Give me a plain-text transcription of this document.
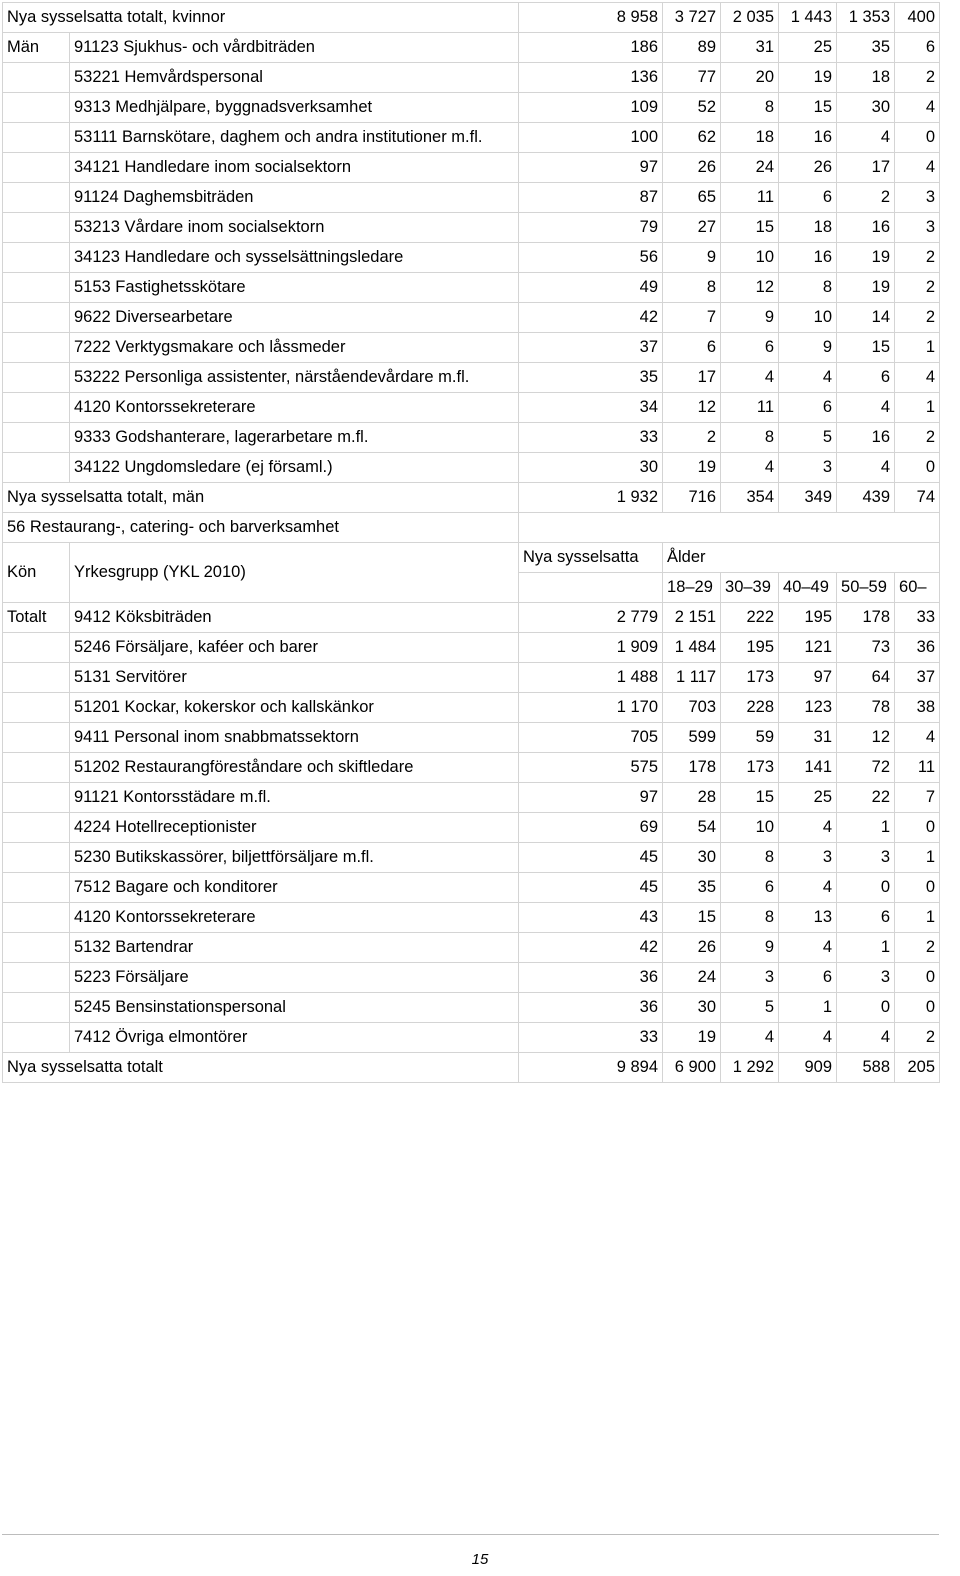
Nya sysselsatta totalt, kvinnor		8 958	3 727	2 035	1 443	1 353	400
Män	91123 Sjukhus- och vårdbiträden	186	89	31	25	35	6
	53221 Hemvårdspersonal	136	77	20	19	18	2
	9313 Medhjälpare, byggnadsverksamhet	109	52	8	15	30	4
	53111 Barnskötare, daghem och andra institutioner m.fl.	100	62	18	16	4	0
	34121 Handledare inom socialsektorn	97	26	24	26	17	4
	91124 Daghemsbiträden	87	65	11	6	2	3
	53213 Vårdare inom socialsektorn	79	27	15	18	16	3
	34123 Handledare och sysselsättningsledare	56	9	10	16	19	2
	5153 Fastighetsskötare	49	8	12	8	19	2
	9622 Diversearbetare	42	7	9	10	14	2
	7222 Verktygsmakare och låssmeder	37	6	6	9	15	1
	53222 Personliga assistenter, närståendevårdare m.fl.	35	17	4	4	6	4
	4120 Kontorssekreterare	34	12	11	6	4	1
	9333 Godshanterare, lagerarbetare m.fl.	33	2	8	5	16	2
	34122 Ungdomsledare (ej församl.)	30	19	4	3	4	0
Nya sysselsatta totalt, män		1 932	716	354	349	439	74
56 Restaurang-, catering- och barverksamhet							
Kön	Yrkesgrupp (YKL 2010)	Nya sysselsatta	Ålder				
			18–29	30–39	40–49	50–59	60–
Totalt	9412 Köksbiträden	2 779	2 151	222	195	178	33
	5246 Försäljare, kaféer och barer	1 909	1 484	195	121	73	36
	5131 Servitörer	1 488	1 117	173	97	64	37
	51201 Kockar, kokerskor och kallskänkor	1 170	703	228	123	78	38
	9411 Personal inom snabbmatssektorn	705	599	59	31	12	4
	51202 Restaurangföreståndare och skiftledare	575	178	173	141	72	11
	91121 Kontorsstädare m.fl.	97	28	15	25	22	7
	4224 Hotellreceptionister	69	54	10	4	1	0
	5230 Butikskassörer, biljettförsäljare m.fl.	45	30	8	3	3	1
	7512 Bagare och konditorer	45	35	6	4	0	0
	4120 Kontorssekreterare	43	15	8	13	6	1
	5132 Bartendrar	42	26	9	4	1	2
	5223 Försäljare	36	24	3	6	3	0
	5245 Bensinstationspersonal	36	30	5	1	0	0
	7412 Övriga elmontörer	33	19	4	4	4	2
Nya sysselsatta totalt		9 894	6 900	1 292	909	588	205
15
